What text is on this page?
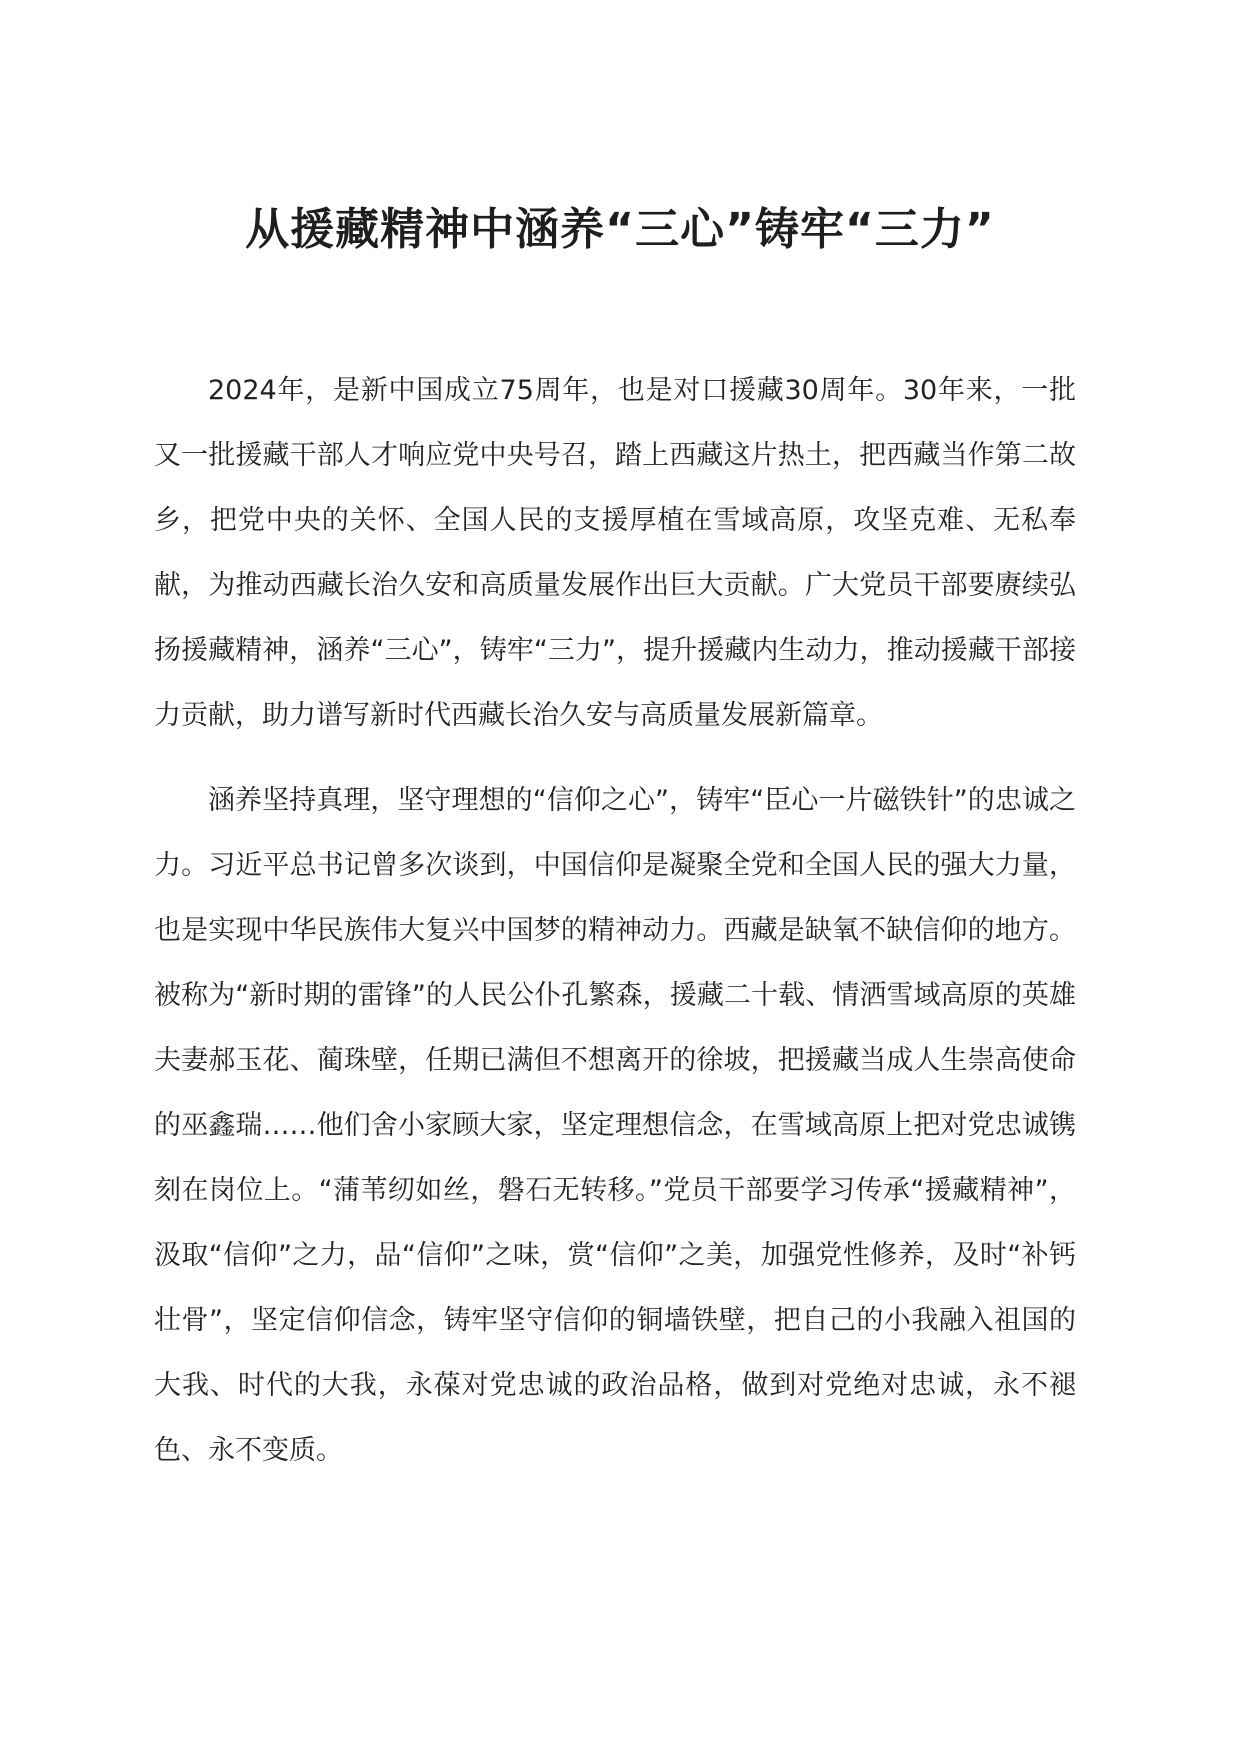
从援藏精神中涵养“三心”铸牢“三力”

2024年，是新中国成立75周年，也是对口援藏30周年。30年来，一批又一批援藏干部人才响应党中央号召，踏上西藏这片热土，把西藏当作第二故乡，把党中央的关怀、全国人民的支援厚植在雪域高原，攻坚克难、无私奉献，为推动西藏长治久安和高质量发展作出巨大贡献。广大党员干部要赓续弘扬援藏精神，涵养“三心”，铸牢“三力”，提升援藏内生动力，推动援藏干部接力贡献，助力谱写新时代西藏长治久安与高质量发展新篇章。

涵养坚持真理，坚守理想的“信仰之心”，铸牢“臣心一片磁铁针”的忠诚之力。习近平总书记曾多次谈到，中国信仰是凝聚全党和全国人民的强大力量，也是实现中华民族伟大复兴中国梦的精神动力。西藏是缺氧不缺信仰的地方。被称为“新时期的雷锋”的人民公仆孔繁森，援藏二十载、情洒雪域高原的英雄夫妻郝玉花、蔺珠壁，任期已满但不想离开的徐坡，把援藏当成人生崇高使命的巫鑫瑞……他们舍小家顾大家，坚定理想信念，在雪域高原上把对党忠诚镌刻在岗位上。“蒲苇纫如丝，磐石无转移。”党员干部要学习传承“援藏精神”，汲取“信仰”之力，品“信仰”之味，赏“信仰”之美，加强党性修养，及时“补钙壮骨”，坚定信仰信念，铸牢坚守信仰的铜墙铁壁，把自己的小我融入祖国的大我、时代的大我，永葆对党忠诚的政治品格，做到对党绝对忠诚，永不褪色、永不变质。
